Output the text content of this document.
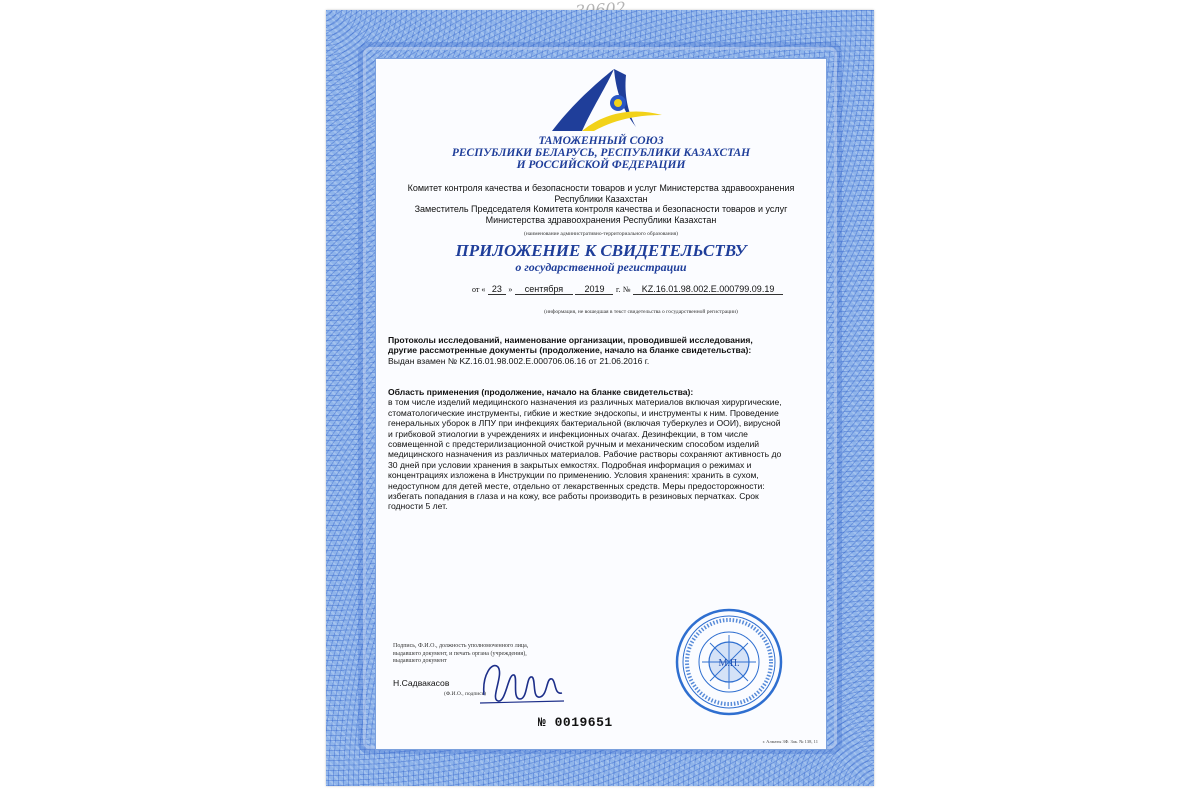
ТАМОЖЕННЫЙ СОЮЗ
РЕСПУБЛИКИ БЕЛАРУСЬ, РЕСПУБЛИКИ КАЗАХСТАН
И РОССИЙСКОЙ ФЕДЕРАЦИИ
Комитет контроля качества и безопасности товаров и услуг Министерства здравоохранения
Республики Казахстан
Заместитель Председателя Комитета контроля качества и безопасности товаров и услуг
Министерства здравоохранения Республики Казахстан
(наименование административно-территориального образования)
ПРИЛОЖЕНИЕ К СВИДЕТЕЛЬСТВУ
о государственной регистрации
от « 23 » сентября 2019 г. № KZ.16.01.98.002.E.000799.09.19
(информация, не вошедшая в текст свидетельства о государственной регистрации)
Протоколы исследований, наименование организации, проводившей исследования,
другие рассмотренные документы (продолжение, начало на бланке свидетельства):
Выдан взамен № KZ.16.01.98.002.E.000706.06.16 от 21.06.2016 г.
Область применения (продолжение, начало на бланке свидетельства):
в том числе изделий медицинского назначения из различных материалов включая хирургические,
стоматологические инструменты, гибкие и жесткие эндоскопы, и инструменты к ним. Проведение
генеральных уборок в ЛПУ при инфекциях бактериальной (включая туберкулез и ООИ), вирусной
и грибковой этиологии в учреждениях и инфекционных очагах. Дезинфекции, в том числе
совмещенной с предстерилизационной очисткой ручным и механическим способом изделий
медицинского назначения из различных материалов. Рабочие растворы сохраняют активность до
30 дней при условии хранения в закрытых емкостях. Подробная информация о режимах и
концентрациях изложена в Инструкции по применению. Условия хранения: хранить в сухом,
недоступном для детей месте, отдельно от лекарственных средств. Меры предосторожности:
избегать попадания в глаза и на кожу, все работы производить в резиновых перчатках. Срок
годности 5 лет.
Подпись, Ф.И.О., должность уполномоченного лица,
выдавшего документ, и печать органа (учреждения),
выдавшего документ
Н.Садвакасов
(Ф.И.О., подпись)
М.П.
№ 0019651
г. Алматы ЗФ. Зак. № 138, 11
